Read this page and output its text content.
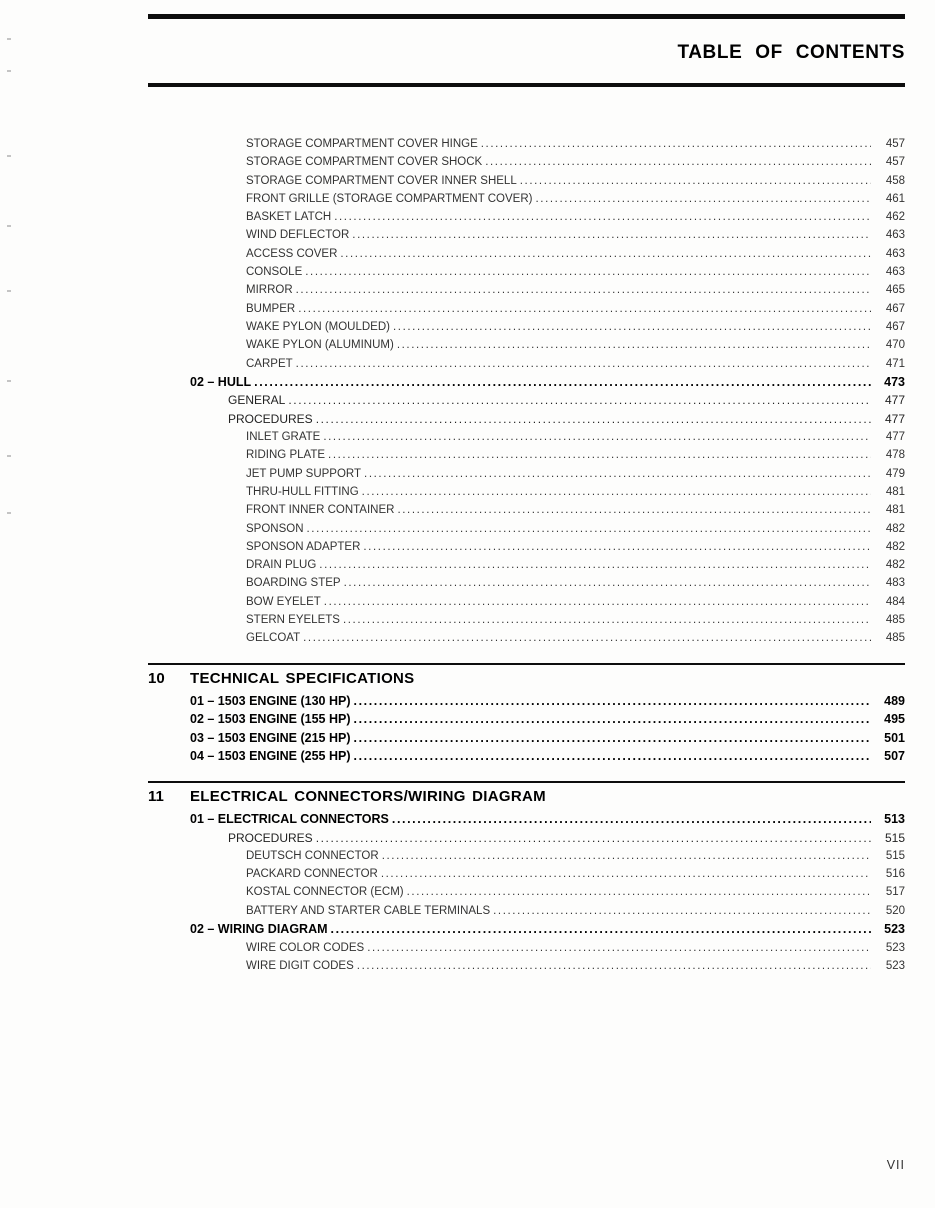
TABLE OF CONTENTS
STORAGE COMPARTMENT COVER HINGE .....	457
STORAGE COMPARTMENT COVER SHOCK .....	457
STORAGE COMPARTMENT COVER INNER SHELL .....	458
FRONT GRILLE (STORAGE COMPARTMENT COVER) .....	461
BASKET LATCH .....	462
WIND DEFLECTOR .....	463
ACCESS COVER .....	463
CONSOLE .....	463
MIRROR .....	465
BUMPER .....	467
WAKE PYLON (MOULDED) .....	467
WAKE PYLON (ALUMINUM) .....	470
CARPET .....	471
02 – HULL .....	473
GENERAL .....	477
PROCEDURES .....	477
INLET GRATE .....	477
RIDING PLATE .....	478
JET PUMP SUPPORT .....	479
THRU-HULL FITTING .....	481
FRONT INNER CONTAINER .....	481
SPONSON .....	482
SPONSON ADAPTER .....	482
DRAIN PLUG .....	482
BOARDING STEP .....	483
BOW EYELET .....	484
STERN EYELETS .....	485
GELCOAT .....	485
10	TECHNICAL SPECIFICATIONS
01 – 1503 ENGINE (130 HP) .....	489
02 – 1503 ENGINE (155 HP) .....	495
03 – 1503 ENGINE (215 HP) .....	501
04 – 1503 ENGINE (255 HP) .....	507
11	ELECTRICAL CONNECTORS/WIRING DIAGRAM
01 – ELECTRICAL CONNECTORS .....	513
PROCEDURES .....	515
DEUTSCH CONNECTOR .....	515
PACKARD CONNECTOR .....	516
KOSTAL CONNECTOR (ECM) .....	517
BATTERY AND STARTER CABLE TERMINALS .....	520
02 – WIRING DIAGRAM .....	523
WIRE COLOR CODES .....	523
WIRE DIGIT CODES .....	523
VII
